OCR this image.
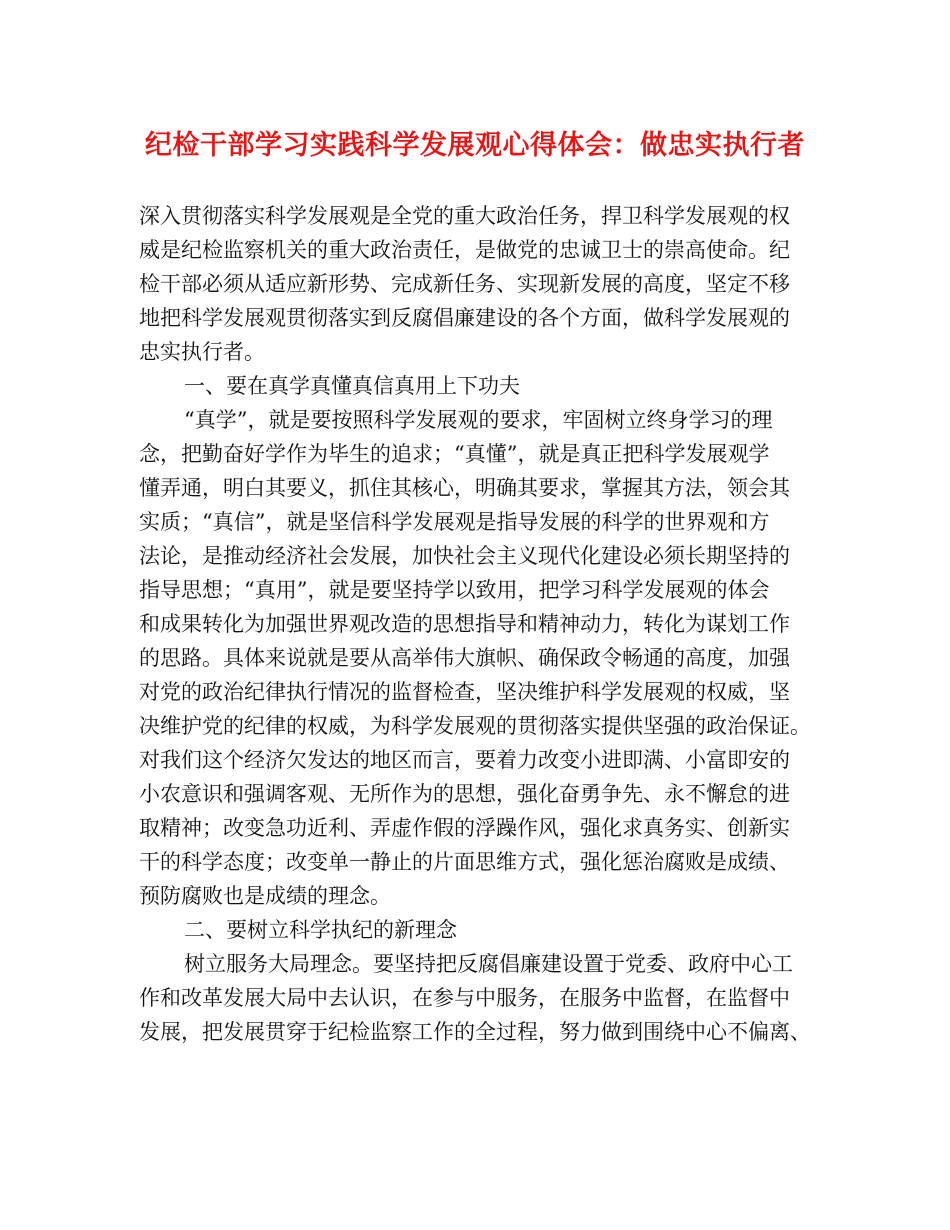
纪检干部学习实践科学发展观心得体会：做忠实执行者
深入贯彻落实科学发展观是全党的重大政治任务，捍卫科学发展观的权
威是纪检监察机关的重大政治责任，是做党的忠诚卫士的崇高使命。纪
检干部必须从适应新形势、完成新任务、实现新发展的高度，坚定不移
地把科学发展观贯彻落实到反腐倡廉建设的各个方面，做科学发展观的
忠实执行者。
一、要在真学真懂真信真用上下功夫
“真学”，就是要按照科学发展观的要求，牢固树立终身学习的理
念，把勤奋好学作为毕生的追求；“真懂”，就是真正把科学发展观学
懂弄通，明白其要义，抓住其核心，明确其要求，掌握其方法，领会其
实质；“真信”，就是坚信科学发展观是指导发展的科学的世界观和方
法论，是推动经济社会发展，加快社会主义现代化建设必须长期坚持的
指导思想；“真用”，就是要坚持学以致用，把学习科学发展观的体会
和成果转化为加强世界观改造的思想指导和精神动力，转化为谋划工作
的思路。具体来说就是要从高举伟大旗帜、确保政令畅通的高度，加强
对党的政治纪律执行情况的监督检查，坚决维护科学发展观的权威，坚
决维护党的纪律的权威，为科学发展观的贯彻落实提供坚强的政治保证。
对我们这个经济欠发达的地区而言，要着力改变小进即满、小富即安的
小农意识和强调客观、无所作为的思想，强化奋勇争先、永不懈怠的进
取精神；改变急功近利、弄虚作假的浮躁作风，强化求真务实、创新实
干的科学态度；改变单一静止的片面思维方式，强化惩治腐败是成绩、
预防腐败也是成绩的理念。
二、要树立科学执纪的新理念
树立服务大局理念。要坚持把反腐倡廉建设置于党委、政府中心工
作和改革发展大局中去认识，在参与中服务，在服务中监督，在监督中
发展，把发展贯穿于纪检监察工作的全过程，努力做到围绕中心不偏离、
